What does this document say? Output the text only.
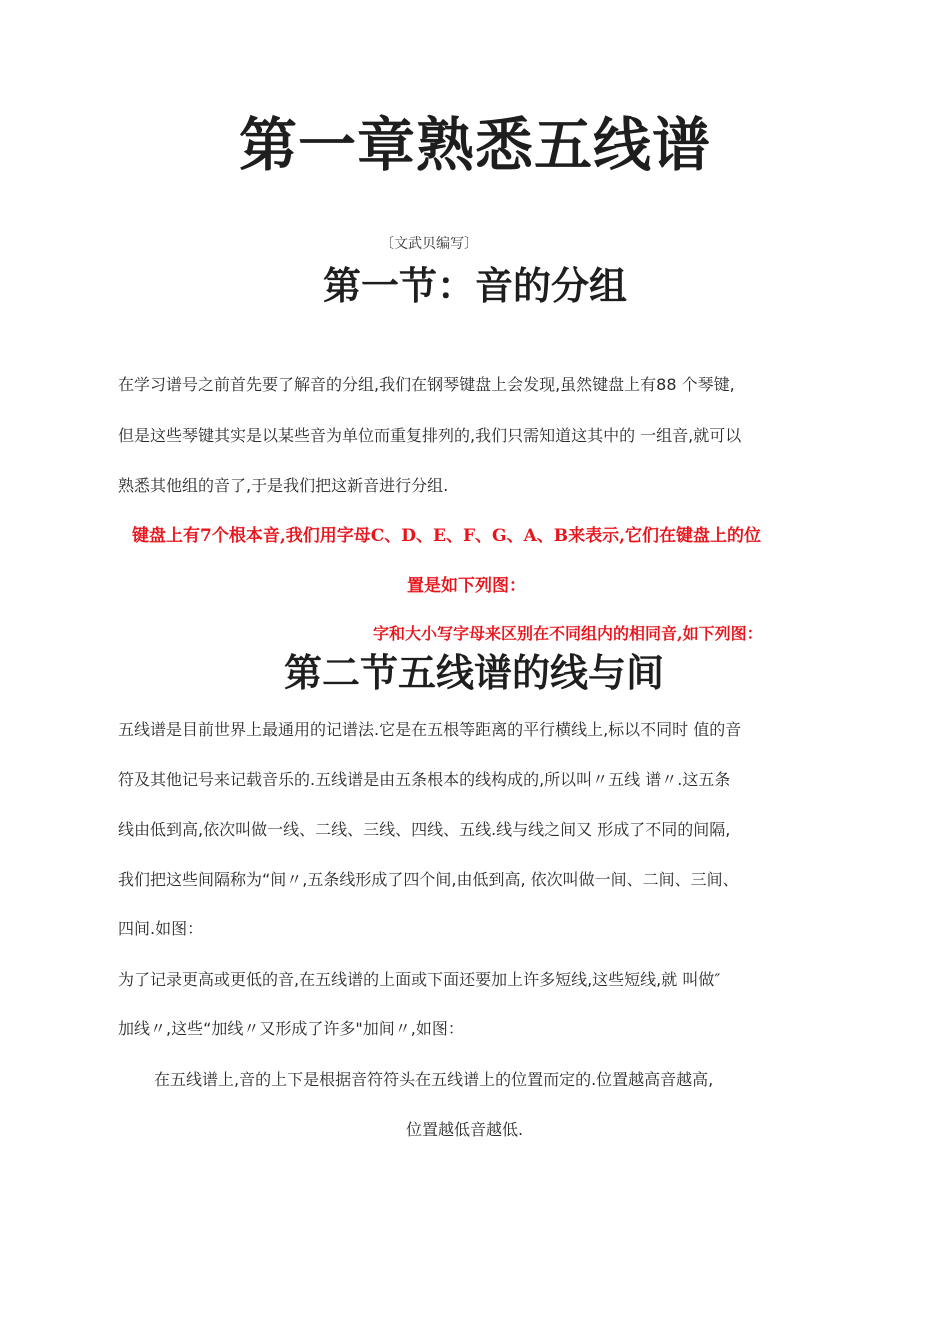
第一章熟悉五线谱
〔文武贝编写〕
第一节：音的分组
在学习谱号之前首先要了解音的分组,我们在钢琴键盘上会发现,虽然键盘上有88 个琴键,
但是这些琴键其实是以某些音为单位而重复排列的,我们只需知道这其中的 一组音,就可以
熟悉其他组的音了,于是我们把这新音进行分组.
键盘上有7个根本音,我们用字母C、D、E、F、G、A、B来表示,它们在键盘上的位
置是如下列图：
字和大小写字母来区别在不同组内的相同音,如下列图：
第二节五线谱的线与间
五线谱是目前世界上最通用的记谱法.它是在五根等距离的平行横线上,标以不同时 值的音
符及其他记号来记载音乐的.五线谱是由五条根本的线构成的,所以叫〃五线 谱〃.这五条
线由低到高,依次叫做一线、二线、三线、四线、五线.线与线之间又 形成了不同的间隔,
我们把这些间隔称为“间〃,五条线形成了四个间,由低到高, 依次叫做一间、二间、三间、
四间.如图：
为了记录更高或更低的音,在五线谱的上面或下面还要加上许多短线,这些短线,就 叫做″
加线〃,这些“加线〃又形成了许多"加间〃,如图：
在五线谱上,音的上下是根据音符符头在五线谱上的位置而定的.位置越高音越高,
位置越低音越低.
